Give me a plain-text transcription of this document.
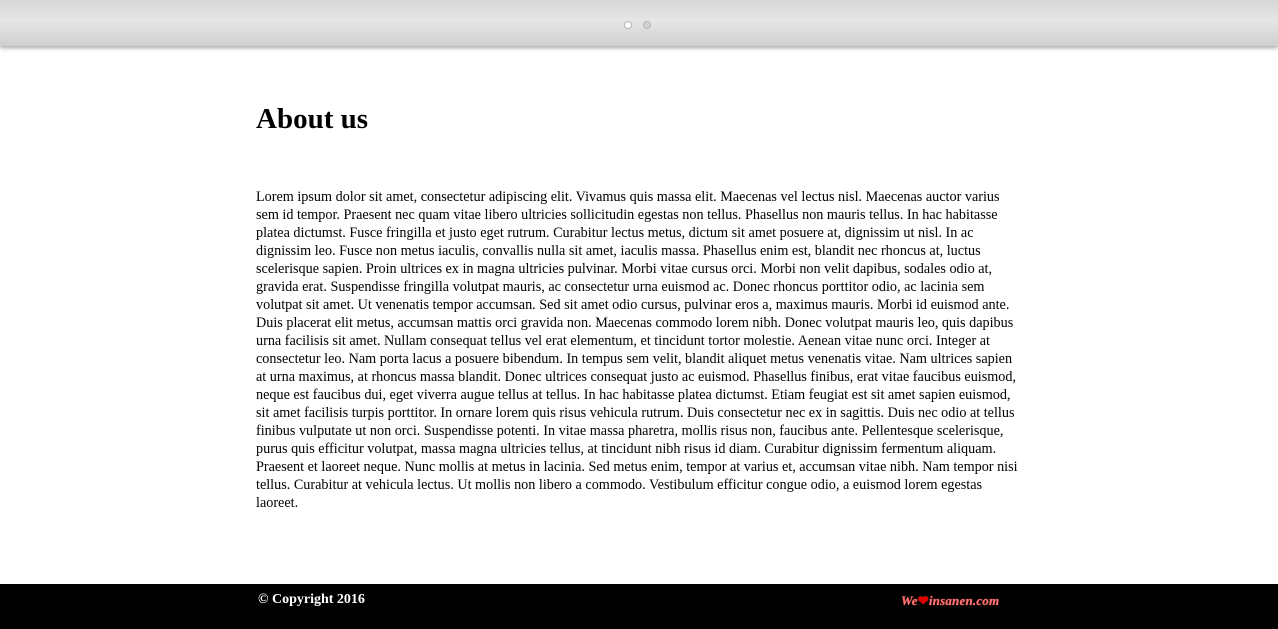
About us

Lorem ipsum dolor sit amet, consectetur adipiscing elit. Vivamus quis massa elit. Maecenas vel lectus nisl. Maecenas auctor varius sem id tempor. Praesent nec quam vitae libero ultricies sollicitudin egestas non tellus. Phasellus non mauris tellus. In hac habitasse platea dictumst. Fusce fringilla et justo eget rutrum. Curabitur lectus metus, dictum sit amet posuere at, dignissim ut nisl. In ac dignissim leo. Fusce non metus iaculis, convallis nulla sit amet, iaculis massa. Phasellus enim est, blandit nec rhoncus at, luctus scelerisque sapien. Proin ultrices ex in magna ultricies pulvinar. Morbi vitae cursus orci. Morbi non velit dapibus, sodales odio at, gravida erat. Suspendisse fringilla volutpat mauris, ac consectetur urna euismod ac. Donec rhoncus porttitor odio, ac lacinia sem volutpat sit amet. Ut venenatis tempor accumsan. Sed sit amet odio cursus, pulvinar eros a, maximus mauris. Morbi id euismod ante. Duis placerat elit metus, accumsan mattis orci gravida non. Maecenas commodo lorem nibh. Donec volutpat mauris leo, quis dapibus urna facilisis sit amet. Nullam consequat tellus vel erat elementum, et tincidunt tortor molestie. Aenean vitae nunc orci. Integer at consectetur leo. Nam porta lacus a posuere bibendum. In tempus sem velit, blandit aliquet metus venenatis vitae. Nam ultrices sapien at urna maximus, at rhoncus massa blandit. Donec ultrices consequat justo ac euismod. Phasellus finibus, erat vitae faucibus euismod, neque est faucibus dui, eget viverra augue tellus at tellus. In hac habitasse platea dictumst. Etiam feugiat est sit amet sapien euismod, sit amet facilisis turpis porttitor. In ornare lorem quis risus vehicula rutrum. Duis consectetur nec ex in sagittis. Duis nec odio at tellus finibus vulputate ut non orci. Suspendisse potenti. In vitae massa pharetra, mollis risus non, faucibus ante. Pellentesque scelerisque, purus quis efficitur volutpat, massa magna ultricies tellus, at tincidunt nibh risus id diam. Curabitur dignissim fermentum aliquam. Praesent et laoreet neque. Nunc mollis at metus in lacinia. Sed metus enim, tempor at varius et, accumsan vitae nibh. Nam tempor nisi tellus. Curabitur at vehicula lectus. Ut mollis non libero a commodo. Vestibulum efficitur congue odio, a euismod lorem egestas laoreet.

© Copyright 2016	We❤insanen.com
